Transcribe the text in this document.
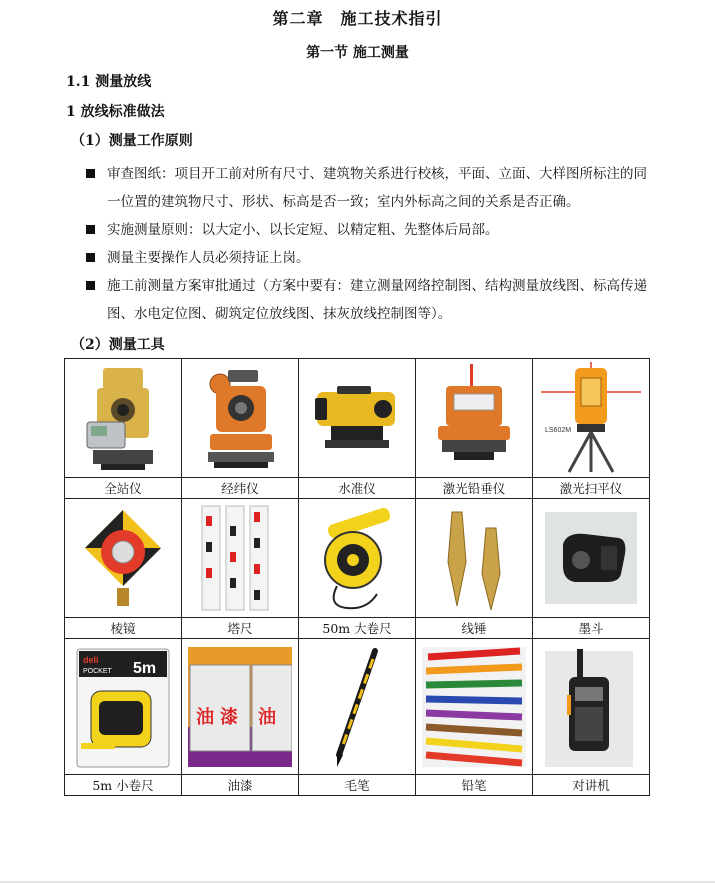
第二章　施工技术指引
第一节 施工测量
1.1 测量放线
1 放线标准做法
（1）测量工作原则
审查图纸：项目开工前对所有尺寸、建筑物关系进行校核，平面、立面、大样图所标注的同一位置的建筑物尺寸、形状、标高是否一致；室内外标高之间的关系是否正确。
实施测量原则：以大定小、以长定短、以精定粗、先整体后局部。
测量主要操作人员必须持证上岗。
施工前测量方案审批通过（方案中要有：建立测量网络控制图、结构测量放线图、标高传递图、水电定位图、砌筑定位放线图、抹灰放线控制图等）。
（2）测量工具

LS602M

全站仪	经纬仪	水准仪	激光铅垂仪	激光扫平仪

棱镜	塔尺	50m 大卷尺	线锤	墨斗

deli
POCKET 5m	油 漆 油

5m 小卷尺	油漆	毛笔	铅笔	对讲机
